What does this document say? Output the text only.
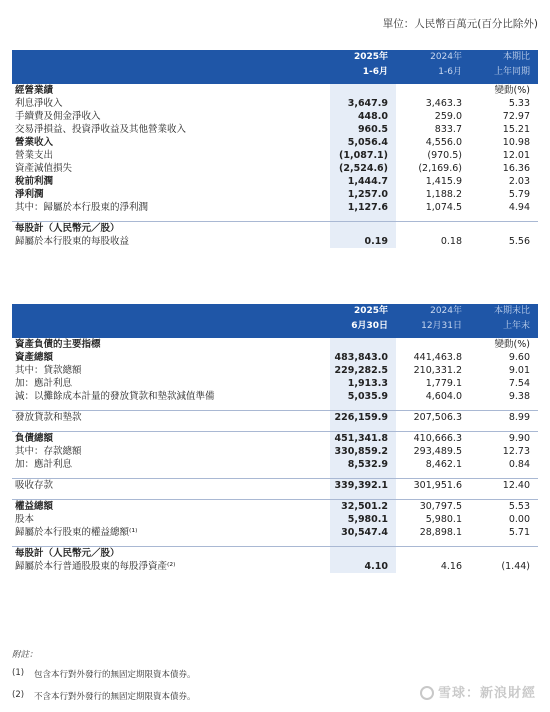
單位：人民幣百萬元(百分比除外)
	2025年	2024年	本期比
	1-6月	1-6月	上年同期

經營業績			變動(%)
利息淨收入	3,647.9	3,463.3	5.33
手續費及佣金淨收入	448.0	259.0	72.97
交易淨損益、投資淨收益及其他營業收入	960.5	833.7	15.21
營業收入	5,056.4	4,556.0	10.98
營業支出	(1,087.1)	(970.5)	12.01
資產減值損失	(2,524.6)	(2,169.6)	16.36
稅前利潤	1,444.7	1,415.9	2.03
淨利潤	1,257.0	1,188.2	5.79
其中：歸屬於本行股東的淨利潤	1,127.6	1,074.5	4.94

每股計（人民幣元／股）			
歸屬於本行股東的每股收益	0.19	0.18	5.56
	2025年	2024年	本期末比
	6月30日	12月31日	上年末

資產負債的主要指標			變動(%)
資產總額	483,843.0	441,463.8	9.60
其中：貸款總額	229,282.5	210,331.2	9.01
加：應計利息	1,913.3	1,779.1	7.54
減：以攤餘成本計量的發放貸款和墊款減值準備	5,035.9	4,604.0	9.38

發放貸款和墊款	226,159.9	207,506.3	8.99

負債總額	451,341.8	410,666.3	9.90
其中：存款總額	330,859.2	293,489.5	12.73
加：應計利息	8,532.9	8,462.1	0.84

吸收存款	339,392.1	301,951.6	12.40

權益總額	32,501.2	30,797.5	5.53
股本	5,980.1	5,980.1	0.00
歸屬於本行股東的權益總額⁽¹⁾	30,547.4	28,898.1	5.71

每股計（人民幣元／股）			
歸屬於本行普通股股東的每股淨資產⁽²⁾	4.10	4.16	(1.44)
附註：
(1)	包含本行對外發行的無固定期限資本債券。
(2)	不含本行對外發行的無固定期限資本債券。	雪球：新浪財經
